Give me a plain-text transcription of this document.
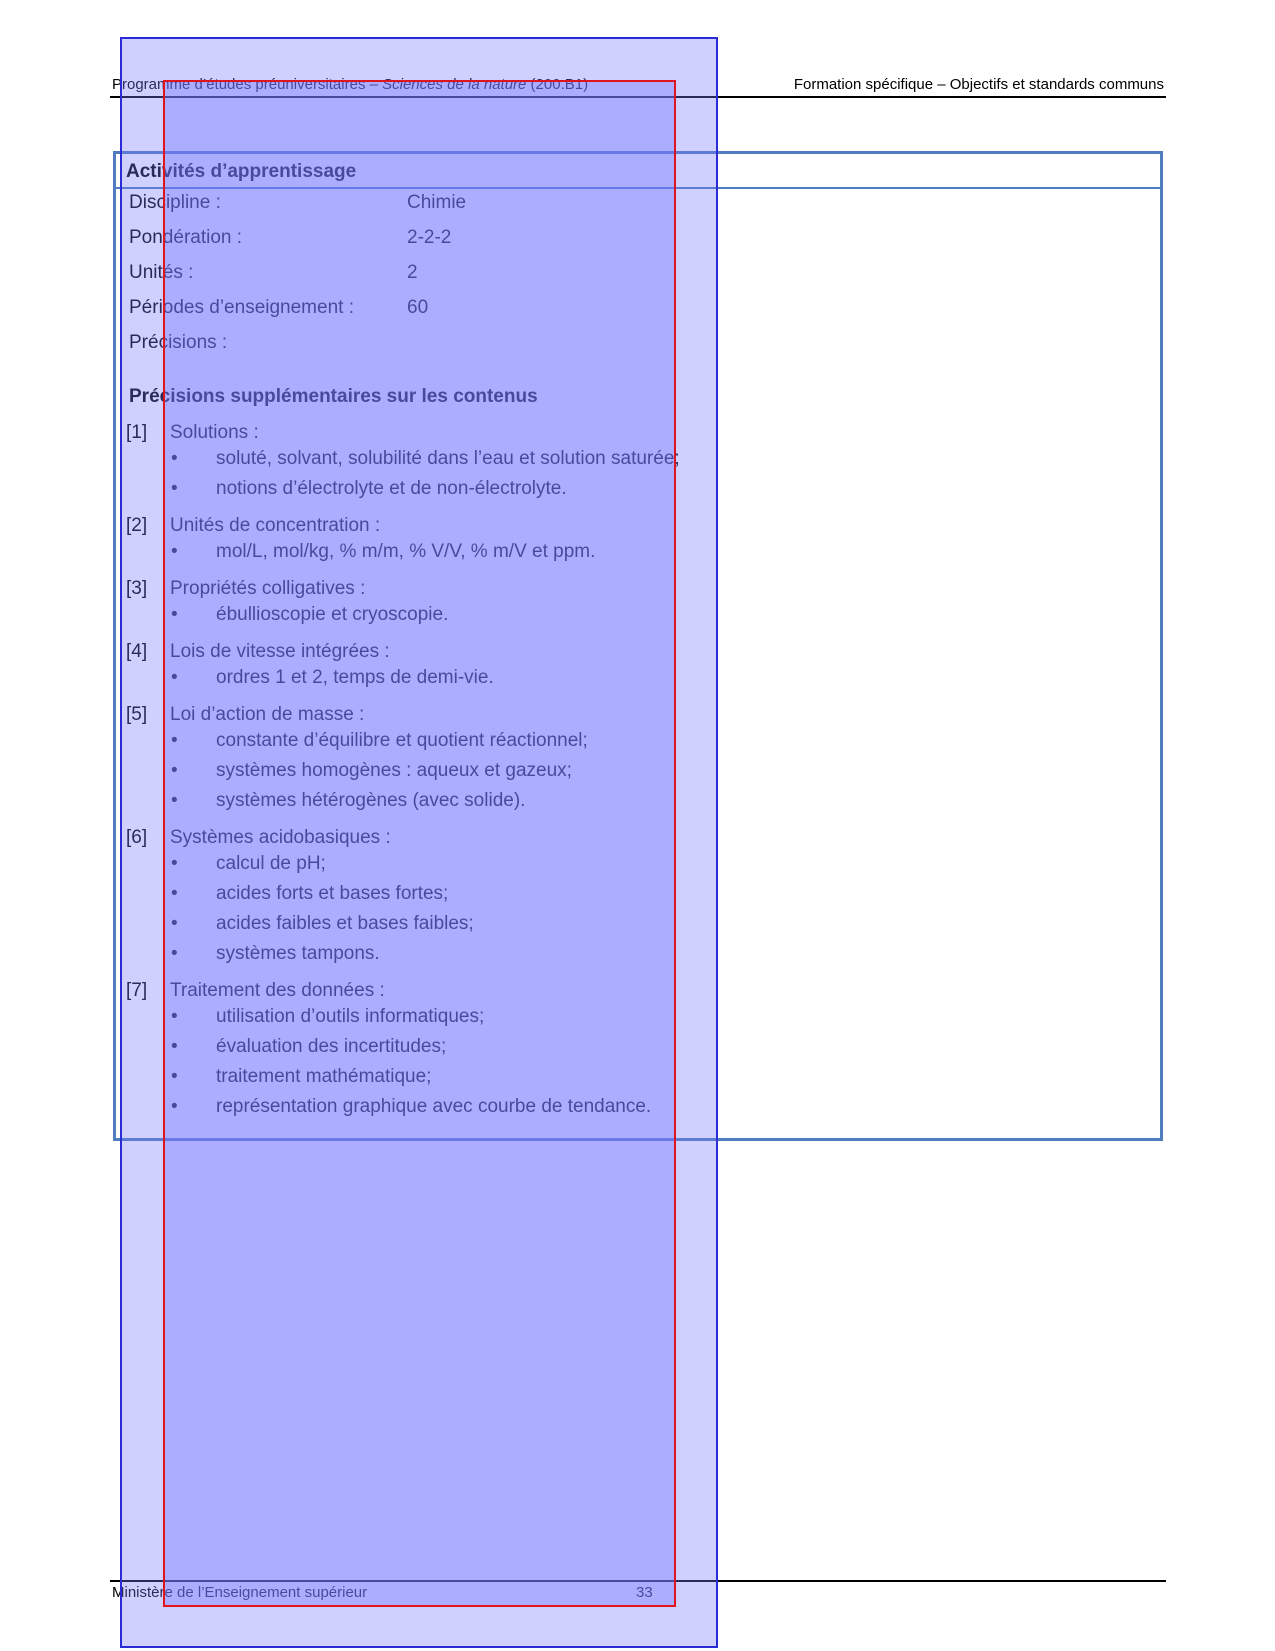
Programme d’études préuniversitaires – Sciences de la nature (200.B1)	Formation spécifique – Objectifs et standards communs
Activités d’apprentissage
Discipline :	Chimie
Pondération :	2-2-2
Unités :	2
Périodes d’enseignement :	60
Précisions :
Précisions supplémentaires sur les contenus
[1]	Solutions :
•
soluté, solvant, solubilité dans l’eau et solution saturée;
•
notions d’électrolyte et de non-électrolyte.
[2]	Unités de concentration :
•
mol/L, mol/kg, % m/m, % V/V, % m/V et ppm.
[3]	Propriétés colligatives :
•
ébullioscopie et cryoscopie.
[4]	Lois de vitesse intégrées :
•
ordres 1 et 2, temps de demi-vie.
[5]	Loi d’action de masse :
•
constante d’équilibre et quotient réactionnel;
•
systèmes homogènes : aqueux et gazeux;
•
systèmes hétérogènes (avec solide).
[6]	Systèmes acidobasiques :
•
calcul de pH;
•
acides forts et bases fortes;
•
acides faibles et bases faibles;
•
systèmes tampons.
[7]	Traitement des données :
•
utilisation d’outils informatiques;
•
évaluation des incertitudes;
•
traitement mathématique;
•
représentation graphique avec courbe de tendance.
Ministère de l’Enseignement supérieur	33
